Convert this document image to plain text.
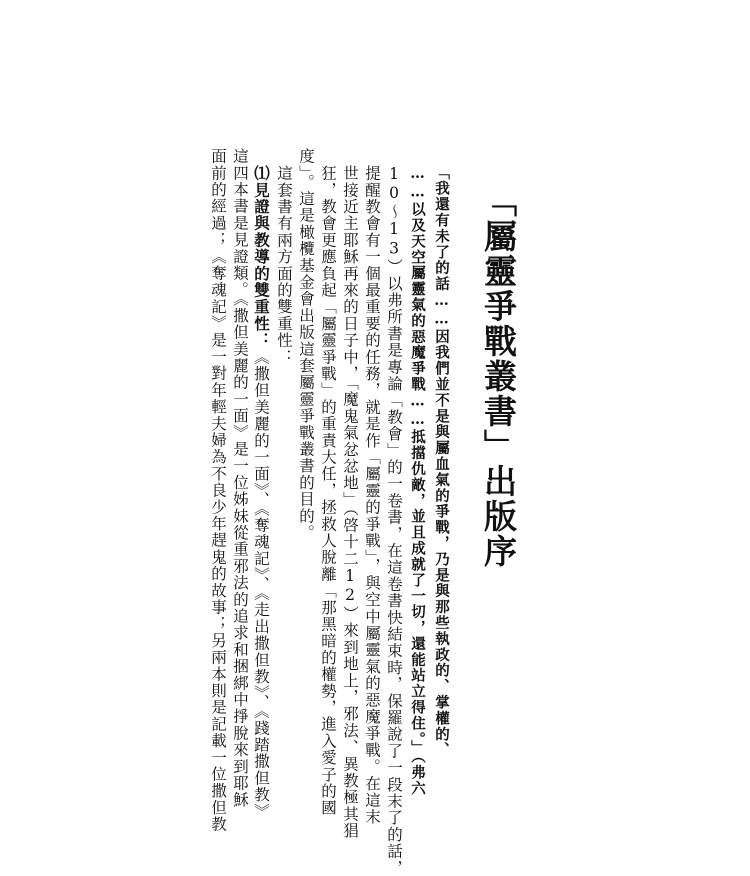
「屬靈爭戰叢書」出版序
「我還有未了的話……因我們並不是與屬血氣的爭戰，乃是與那些執政的、掌權的、
……以及天空屬靈氣的惡魔爭戰……抵擋仇敵，並且成就了一切，還能站立得住。」（弗六
10～13）以弗所書是專論「教會」的一卷書，在這卷書快結束時，保羅說了一段末了的話，
提醒教會有一個最重要的任務，就是作「屬靈的爭戰」，與空中屬靈氣的惡魔爭戰。在這末
世接近主耶穌再來的日子中，「魔鬼氣忿忿地」（啓十二12）來到地上，邪法、異教極其猖
狂，教會更應負起「屬靈爭戰」的重責大任，拯救人脫離「那黑暗的權勢，進入愛子的國
度」。這是橄欖基金會出版這套屬靈爭戰叢書的目的。
這套書有兩方面的雙重性：
⑴見證與教導的雙重性：《撒但美麗的一面》、《奪魂記》、《走出撒但教》、《踐踏撒但教》
這四本書是見證類。《撒但美麗的一面》是一位姊妹從重邪法的追求和捆綁中掙脫來到耶穌
面前的經過；《奪魂記》是一對年輕夫婦為不良少年趕鬼的故事；另兩本則是記載一位撒但教
